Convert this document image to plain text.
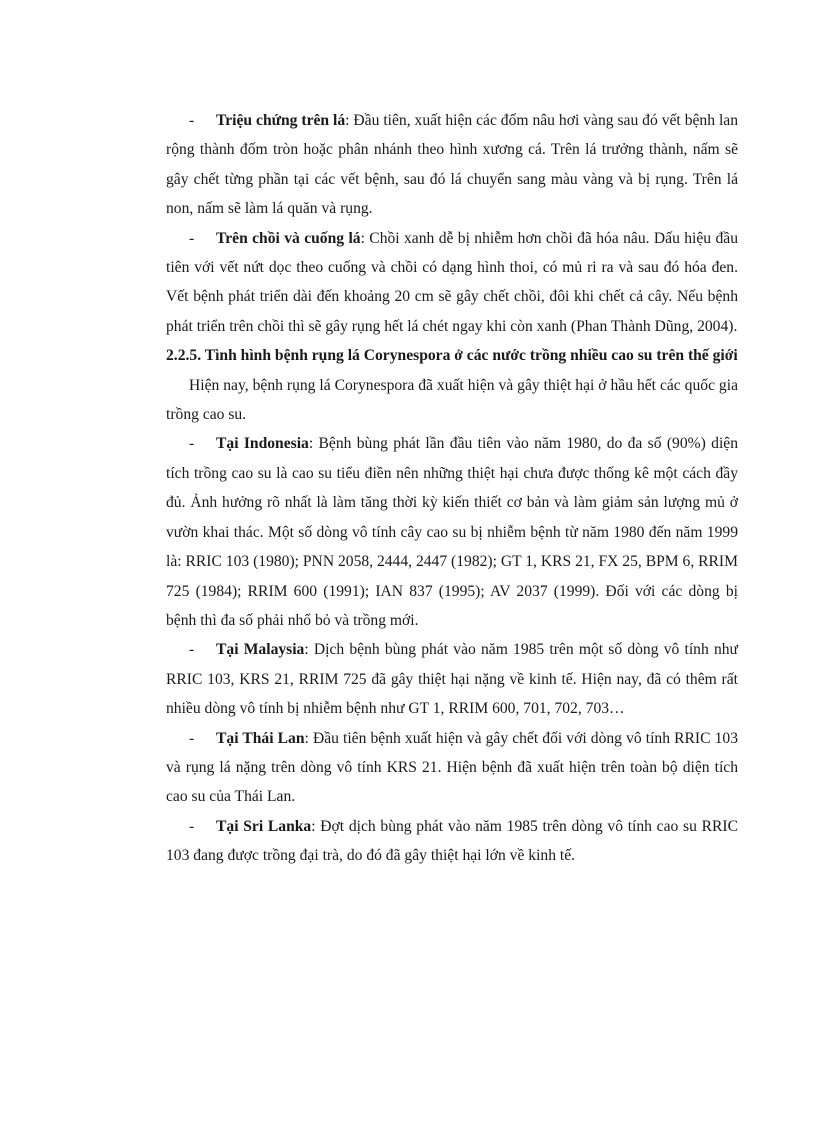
- Triệu chứng trên lá: Đầu tiên, xuất hiện các đốm nâu hơi vàng sau đó vết bệnh lan rộng thành đốm tròn hoặc phân nhánh theo hình xương cá. Trên lá trưởng thành, nấm sẽ gây chết từng phần tại các vết bệnh, sau đó lá chuyển sang màu vàng và bị rụng. Trên lá non, nấm sẽ làm lá quăn và rụng.

- Trên chồi và cuống lá: Chồi xanh dễ bị nhiễm hơn chồi đã hóa nâu. Dấu hiệu đầu tiên với vết nứt dọc theo cuống và chồi có dạng hình thoi, có mủ ri ra và sau đó hóa đen. Vết bệnh phát triển dài đến khoảng 20 cm sẽ gây chết chồi, đôi khi chết cả cây. Nếu bệnh phát triển trên chồi thì sẽ gây rụng hết lá chét ngay khi còn xanh (Phan Thành Dũng, 2004).

2.2.5. Tình hình bệnh rụng lá Corynespora ở các nước trồng nhiều cao su trên thế giới

Hiện nay, bệnh rụng lá Corynespora đã xuất hiện và gây thiệt hại ở hầu hết các quốc gia trồng cao su.

- Tại Indonesia: Bệnh bùng phát lần đầu tiên vào năm 1980, do đa số (90%) diện tích trồng cao su là cao su tiểu điền nên những thiệt hại chưa được thống kê một cách đầy đủ. Ảnh hưởng rõ nhất là làm tăng thời kỳ kiến thiết cơ bản và làm giảm sản lượng mủ ở vườn khai thác. Một số dòng vô tính cây cao su bị nhiễm bệnh từ năm 1980 đến năm 1999 là: RRIC 103 (1980); PNN 2058, 2444, 2447 (1982); GT 1, KRS 21, FX 25, BPM 6, RRIM 725 (1984); RRIM 600 (1991); IAN 837 (1995); AV 2037 (1999). Đối với các dòng bị bệnh thì đa số phải nhổ bỏ và trồng mới.

- Tại Malaysia: Dịch bệnh bùng phát vào năm 1985 trên một số dòng vô tính như RRIC 103, KRS 21, RRIM 725 đã gây thiệt hại nặng về kinh tế. Hiện nay, đã có thêm rất nhiều dòng vô tính bị nhiễm bệnh như GT 1, RRIM 600, 701, 702, 703…

- Tại Thái Lan: Đầu tiên bệnh xuất hiện và gây chết đối với dòng vô tính RRIC 103 và rụng lá nặng trên dòng vô tính KRS 21. Hiện bệnh đã xuất hiện trên toàn bộ diện tích cao su của Thái Lan.

- Tại Sri Lanka: Đợt dịch bùng phát vào năm 1985 trên dòng vô tính cao su RRIC 103 đang được trồng đại trà, do đó đã gây thiệt hại lớn về kinh tế.
